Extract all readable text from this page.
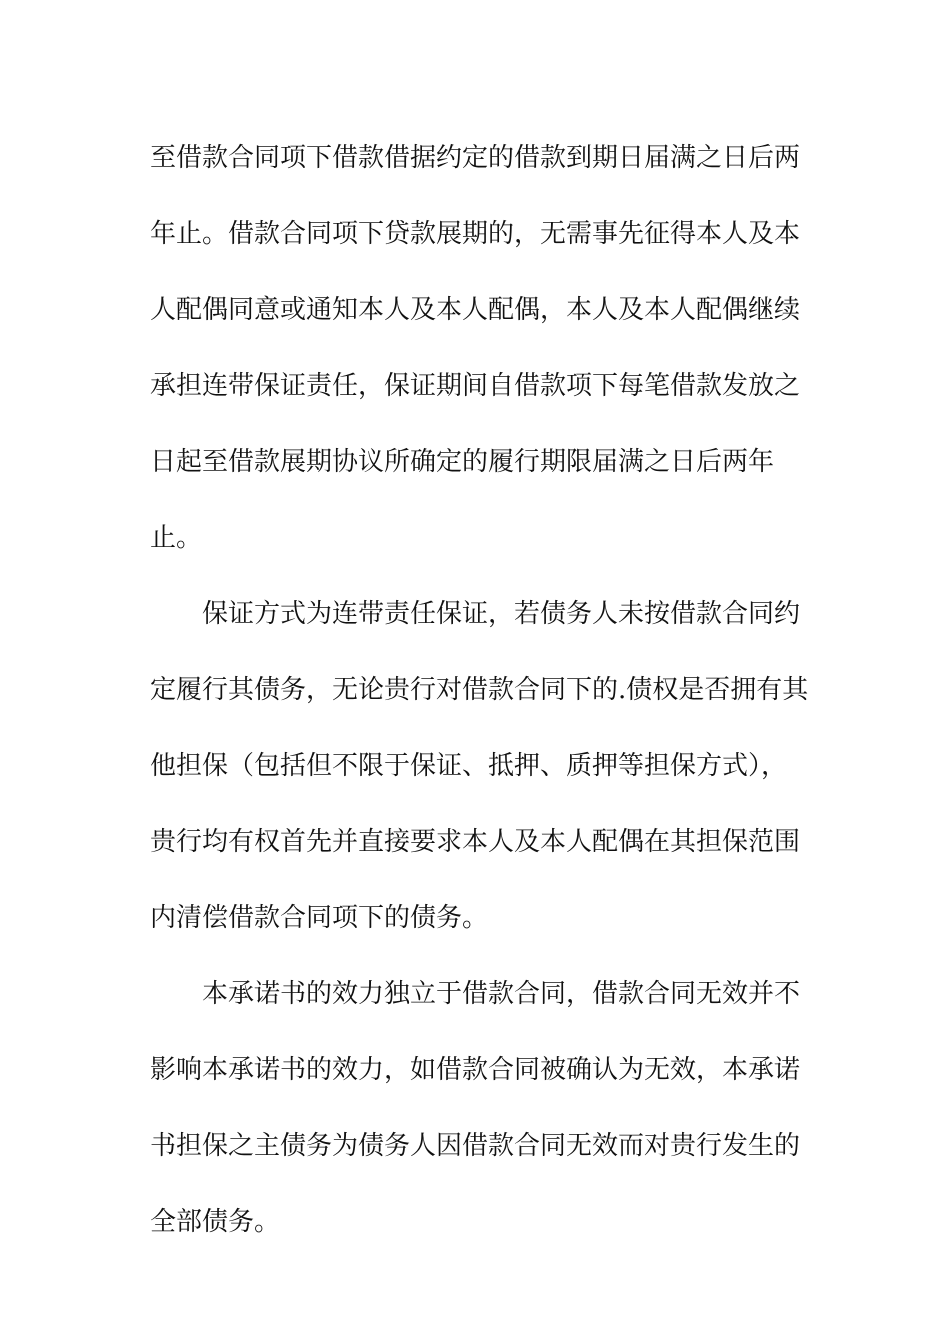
至借款合同项下借款借据约定的借款到期日届满之日后两
年止。借款合同项下贷款展期的，无需事先征得本人及本
人配偶同意或通知本人及本人配偶，本人及本人配偶继续
承担连带保证责任，保证期间自借款项下每笔借款发放之
日起至借款展期协议所确定的履行期限届满之日后两年
止。
保证方式为连带责任保证，若债务人未按借款合同约
定履行其债务，无论贵行对借款合同下的.债权是否拥有其
他担保（包括但不限于保证、抵押、质押等担保方式），
贵行均有权首先并直接要求本人及本人配偶在其担保范围
内清偿借款合同项下的债务。
本承诺书的效力独立于借款合同，借款合同无效并不
影响本承诺书的效力，如借款合同被确认为无效，本承诺
书担保之主债务为债务人因借款合同无效而对贵行发生的
全部债务。
